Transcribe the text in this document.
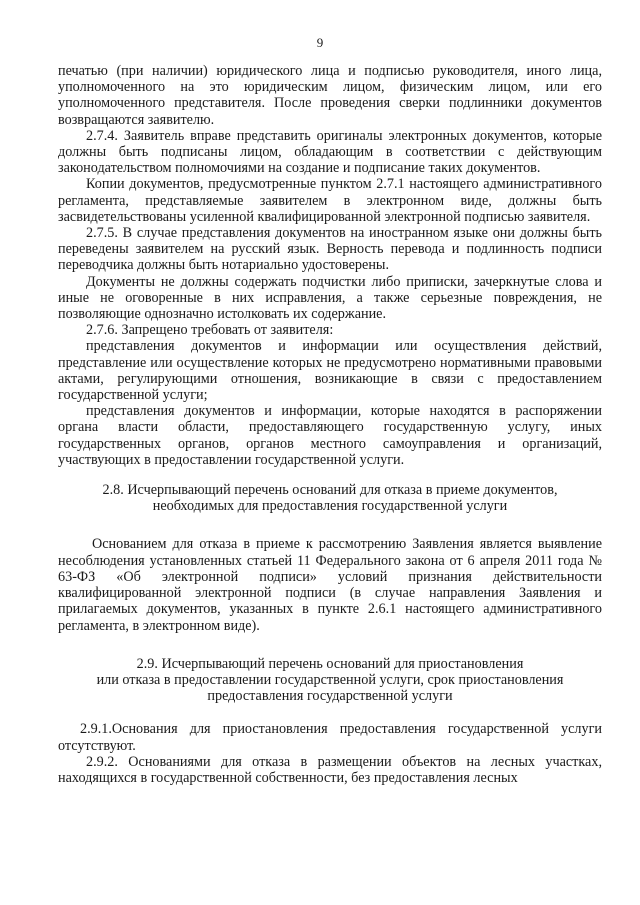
9

печатью (при наличии) юридического лица и подписью руководителя, иного лица, уполномоченного на это юридическим лицом, физическим лицом, или его уполномоченного представителя. После проведения сверки подлинники документов возвращаются заявителю.

2.7.4. Заявитель вправе представить оригиналы электронных документов, которые должны быть подписаны лицом, обладающим в соответствии с действующим законодательством полномочиями на создание и подписание таких документов.

Копии документов, предусмотренные пунктом 2.7.1 настоящего административного регламента, представляемые заявителем в электронном виде, должны быть засвидетельствованы усиленной квалифицированной электронной подписью заявителя.

2.7.5. В случае представления документов на иностранном языке они должны быть переведены заявителем на русский язык. Верность перевода и подлинность подписи переводчика должны быть нотариально удостоверены.

Документы не должны содержать подчистки либо приписки, зачеркнутые слова и иные не оговоренные в них исправления, а также серьезные повреждения, не позволяющие однозначно истолковать их содержание.

2.7.6. Запрещено требовать от заявителя:

представления документов и информации или осуществления действий, представление или осуществление которых не предусмотрено нормативными правовыми актами, регулирующими отношения, возникающие в связи с предоставлением государственной услуги;

представления документов и информации, которые находятся в распоряжении органа власти области, предоставляющего государственную услугу, иных государственных органов, органов местного самоуправления и организаций, участвующих в предоставлении государственной услуги.

2.8. Исчерпывающий перечень оснований для отказа в приеме документов,

необходимых для предоставления государственной услуги

Основанием для отказа в приеме к рассмотрению Заявления является выявление несоблюдения установленных статьей 11 Федерального закона от 6 апреля 2011 года № 63-ФЗ «Об электронной подписи» условий признания действительности квалифицированной электронной подписи (в случае направления Заявления и прилагаемых документов, указанных в пункте 2.6.1 настоящего административного регламента, в электронном виде).

2.9. Исчерпывающий перечень оснований для приостановления

или отказа в предоставлении государственной услуги, срок приостановления

предоставления государственной услуги

2.9.1.Основания для приостановления предоставления государственной услуги отсутствуют.

2.9.2. Основаниями для отказа в размещении объектов на лесных участках, находящихся в государственной собственности, без предоставления лесных
